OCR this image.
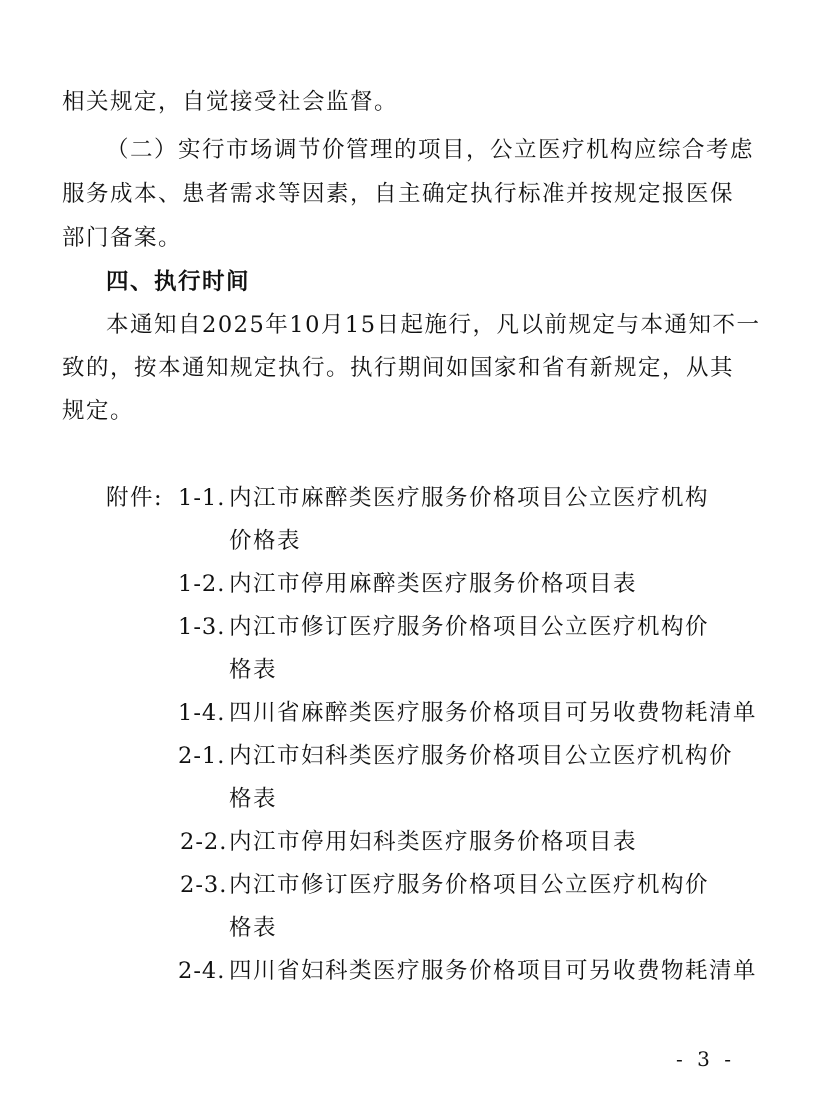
相关规定，自觉接受社会监督。
（二）实行市场调节价管理的项目，公立医疗机构应综合考虑
服务成本、患者需求等因素，自主确定执行标准并按规定报医保
部门备案。
四、执行时间
本通知自2025年10月15日起施行，凡以前规定与本通知不一
致的，按本通知规定执行。执行期间如国家和省有新规定，从其
规定。
附件: 1-1. 内江市麻醉类医疗服务价格项目公立医疗机构
价格表
1-2. 内江市停用麻醉类医疗服务价格项目表
1-3. 内江市修订医疗服务价格项目公立医疗机构价
格表
1-4. 四川省麻醉类医疗服务价格项目可另收费物耗清单
2-1. 内江市妇科类医疗服务价格项目公立医疗机构价
格表
2-2. 内江市停用妇科类医疗服务价格项目表
2-3. 内江市修订医疗服务价格项目公立医疗机构价
格表
2-4. 四川省妇科类医疗服务价格项目可另收费物耗清单
- 3 -
